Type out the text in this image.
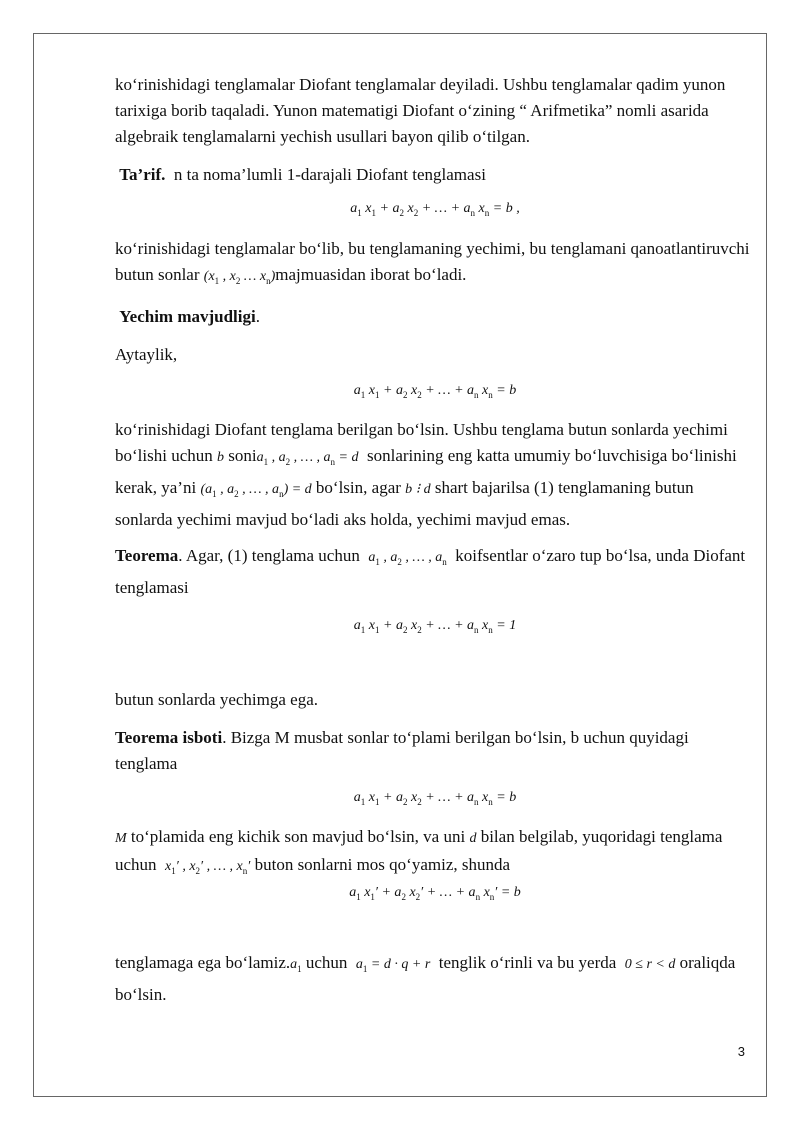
koʻrinishidagi tenglamalar Diofant tenglamalar deyiladi. Ushbu tenglamalar qadim yunon tarixiga borib taqaladi. Yunon matematigi Diofant oʻzining “ Arifmetika” nomli asarida algebraik tenglamalarni yechish usullari bayon qilib oʻtilgan.

Ta’rif. n ta noma’lumli 1-darajali Diofant tenglamasi

$a_1$ $x_1 + a_2$ $x_2$ + … + $a_n$ $x_n = b$ ,

koʻrinishidagi tenglamalar boʻlib, bu tenglamaning yechimi, bu tenglamani qanoatlantiruvchi butun sonlar ($x_1$ , $x_2$ … $x_n)majmuasidan$ iborat boʻladi.

Yechim mavjudligi.

Aytaylik,

$a_1$ $x_1 + a_2$ $x_2$ + … + $a_n$ $x_n = b$

koʻrinishidagi Diofant tenglama berilgan boʻlsin. Ushbu tenglama butun sonlarda yechimi boʻlishi uchun b sonia$_1$ , $a_2$ , … , $a_n = d$ sonlarining eng katta umumiy boʻluvchisiga boʻlinishi kerak, ya’ni ($a_1$ , $a_2$ , … , $a_n) = d$ boʻlsin, agar b ⁝ d shart bajarilsa (1) tenglamaning butun sonlarda yechimi mavjud boʻladi aks holda, yechimi mavjud emas.

Teorema. Agar, (1) tenglama uchun $a_1$ , $a_2$ , … , $a_n$ koifsentlar oʻzaro tup boʻlsa, unda Diofant tenglamasi

$a_1$ $x_1 + a_2$ $x_2$ + … + $a_n$ $x_n = 1$

butun sonlarda yechimga ega.

Teorema isboti. Bizga M musbat sonlar toʻplami berilgan boʻlsin, b uchun quyidagi tenglama

$a_1$ $x_1 + a_2$ $x_2$ + … + $a_n$ $x_n = b$

M toʻplamida eng kichik son mavjud boʻlsin, va uni d bilan belgilab, yuqoridagi tenglama uchun $x_1'$ , $x_2'$ , … , $x_n'$ buton sonlarni mos qoʻyamiz, shunda

$a_1$ $x_1' + a_2$ $x_2'$ + … + $a_n$ $x_n' = b$

tenglamaga ega $boʻlamiz.a_1$ uchun $a_1 = d \cdot q + r$ tenglik oʻrinli va bu yerda 0 ≤ r < d oraliqda boʻlsin.

3
